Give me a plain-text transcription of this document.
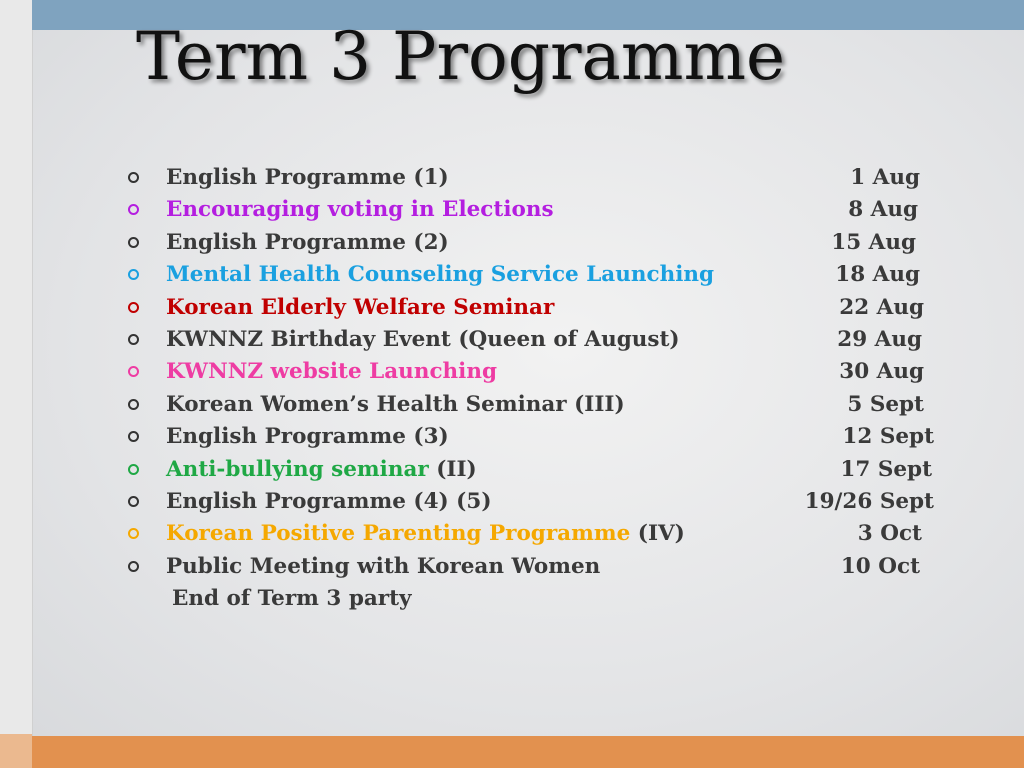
Term 3 Programme
English Programme (1)	1 Aug
Encouraging voting in Elections	8 Aug
English Programme (2)	15 Aug
Mental Health Counseling Service Launching	18 Aug
Korean Elderly Welfare Seminar	22 Aug
KWNNZ Birthday Event (Queen of August)	29 Aug
KWNNZ website Launching	30 Aug
Korean Women’s Health Seminar (III)	5 Sept
English Programme (3)	12 Sept
Anti-bullying seminar (II)	17 Sept
English Programme (4) (5)	19/26 Sept
Korean Positive Parenting Programme (IV)	3 Oct
Public Meeting with Korean Women	10 Oct
End of Term 3 party
